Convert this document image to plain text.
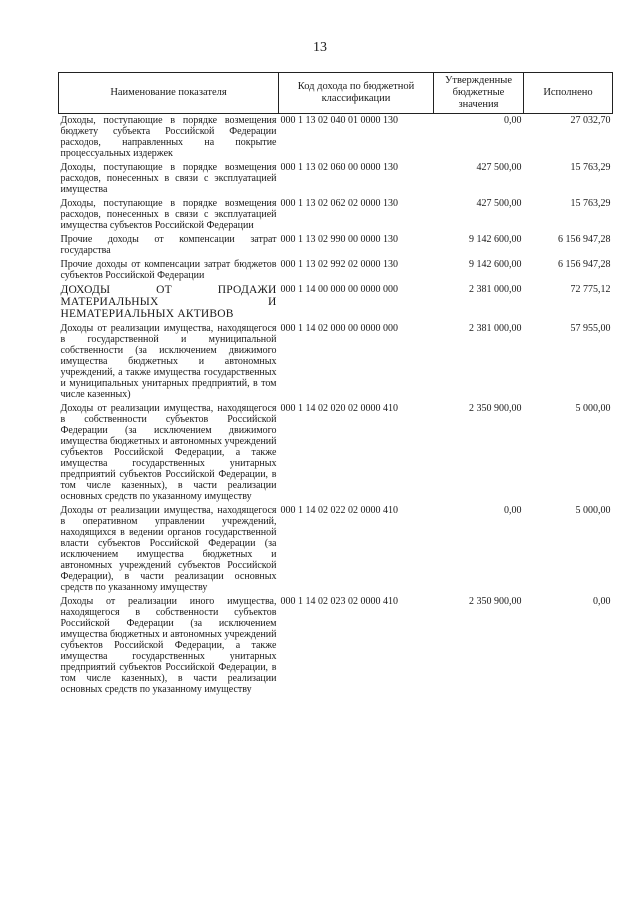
13
Наименование показателя	Код дохода по бюджетной классификации	Утвержденные бюджетные значения	Исполнено
Доходы, поступающие в порядке возмещения бюджету субъекта Российской Федерации расходов, направленных на покрытие процессуальных издержек	000 1 13 02 040 01 0000 130	0,00	27 032,70
Доходы, поступающие в порядке возмещения расходов, понесенных в связи с эксплуатацией имущества	000 1 13 02 060 00 0000 130	427 500,00	15 763,29
Доходы, поступающие в порядке возмещения расходов, понесенных в связи с эксплуатацией имущества субъектов Российской Федерации	000 1 13 02 062 02 0000 130	427 500,00	15 763,29
Прочие доходы от компенсации затрат государства	000 1 13 02 990 00 0000 130	9 142 600,00	6 156 947,28
Прочие доходы от компенсации затрат бюджетов субъектов Российской Федерации	000 1 13 02 992 02 0000 130	9 142 600,00	6 156 947,28
ДОХОДЫ ОТ ПРОДАЖИ МАТЕРИАЛЬНЫХ И НЕМАТЕРИАЛЬНЫХ АКТИВОВ	000 1 14 00 000 00 0000 000	2 381 000,00	72 775,12
Доходы от реализации имущества, находящегося в государственной и муниципальной собственности (за исключением движимого имущества бюджетных и автономных учреждений, а также имущества государственных и муниципальных унитарных предприятий, в том числе казенных)	000 1 14 02 000 00 0000 000	2 381 000,00	57 955,00
Доходы от реализации имущества, находящегося в собственности субъектов Российской Федерации (за исключением движимого имущества бюджетных и автономных учреждений субъектов Российской Федерации, а также имущества государственных унитарных предприятий субъектов Российской Федерации, в том числе казенных), в части реализации основных средств по указанному имуществу	000 1 14 02 020 02 0000 410	2 350 900,00	5 000,00
Доходы от реализации имущества, находящегося в оперативном управлении учреждений, находящихся в ведении органов государственной власти субъектов Российской Федерации (за исключением имущества бюджетных и автономных учреждений субъектов Российской Федерации), в части реализации основных средств по указанному имуществу	000 1 14 02 022 02 0000 410	0,00	5 000,00
Доходы от реализации иного имущества, находящегося в собственности субъектов Российской Федерации (за исключением имущества бюджетных и автономных учреждений субъектов Российской Федерации, а также имущества государственных унитарных предприятий субъектов Российской Федерации, в том числе казенных), в части реализации основных средств по указанному имуществу	000 1 14 02 023 02 0000 410	2 350 900,00	0,00
